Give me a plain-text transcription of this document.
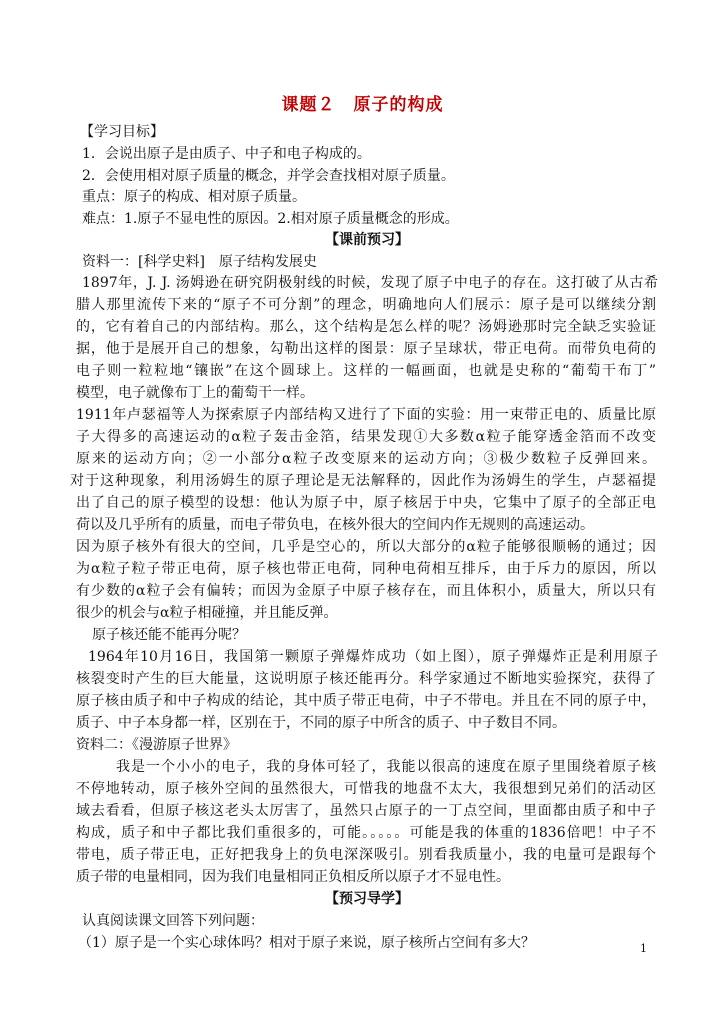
课题２　原子的构成
【学习目标】
1．会说出原子是由质子、中子和电子构成的。
2．会使用相对原子质量的概念，并学会查找相对原子质量。
重点：原子的构成、相对原子质量。
难点：1.原子不显电性的原因。2.相对原子质量概念的形成。
【课前预习】
资料一：[科学史料]　原子结构发展史
1897年，J. J. 汤姆逊在研究阴极射线的时候，发现了原子中电子的存在。这打破了从古希
腊人那里流传下来的“原子不可分割”的理念，明确地向人们展示：原子是可以继续分割
的，它有着自己的内部结构。那么，这个结构是怎么样的呢？汤姆逊那时完全缺乏实验证
据，他于是展开自己的想象，勾勒出这样的图景：原子呈球状，带正电荷。而带负电荷的
电子则一粒粒地“镶嵌”在这个圆球上。这样的一幅画面，也就是史称的“葡萄干布丁”
模型，电子就像布丁上的葡萄干一样。
1911年卢瑟福等人为探索原子内部结构又进行了下面的实验：用一束带正电的、质量比原
子大得多的高速运动的α粒子轰击金箔，结果发现①大多数α粒子能穿透金箔而不改变
原来的运动方向；②一小部分α粒子改变原来的运动方向；③极少数粒子反弹回来。
对于这种现象，利用汤姆生的原子理论是无法解释的，因此作为汤姆生的学生，卢瑟福提
出了自己的原子模型的设想：他认为原子中，原子核居于中央，它集中了原子的全部正电
荷以及几乎所有的质量，而电子带负电，在核外很大的空间内作无规则的高速运动。
因为原子核外有很大的空间，几乎是空心的，所以大部分的α粒子能够很顺畅的通过；因
为α粒子粒子带正电荷，原子核也带正电荷，同种电荷相互排斥，由于斥力的原因，所以
有少数的α粒子会有偏转；而因为金原子中原子核存在，而且体积小，质量大，所以只有
很少的机会与α粒子相碰撞，并且能反弹。
原子核还能不能再分呢？
1964年10月16日，我国第一颗原子弹爆炸成功（如上图），原子弹爆炸正是利用原子
核裂变时产生的巨大能量，这说明原子核还能再分。科学家通过不断地实验探究，获得了
原子核由质子和中子构成的结论，其中质子带正电荷，中子不带电。并且在不同的原子中，
质子、中子本身都一样，区别在于，不同的原子中所含的质子、中子数目不同。
资料二：《漫游原子世界》
我是一个小小的电子，我的身体可轻了，我能以很高的速度在原子里围绕着原子核
不停地转动，原子核外空间的虽然很大，可惜我的地盘不太大，我很想到兄弟们的活动区
域去看看，但原子核这老头太厉害了，虽然只占原子的一丁点空间，里面都由质子和中子
构成，质子和中子都比我们重很多的，可能。。。。。可能是我的体重的1836倍吧！中子不
带电，质子带正电，正好把我身上的负电深深吸引。别看我质量小，我的电量可是跟每个
质子带的电量相同，因为我们电量相同正负相反所以原子才不显电性。
【预习导学】
认真阅读课文回答下列问题：
（1）原子是一个实心球体吗？相对于原子来说，原子核所占空间有多大？	1
